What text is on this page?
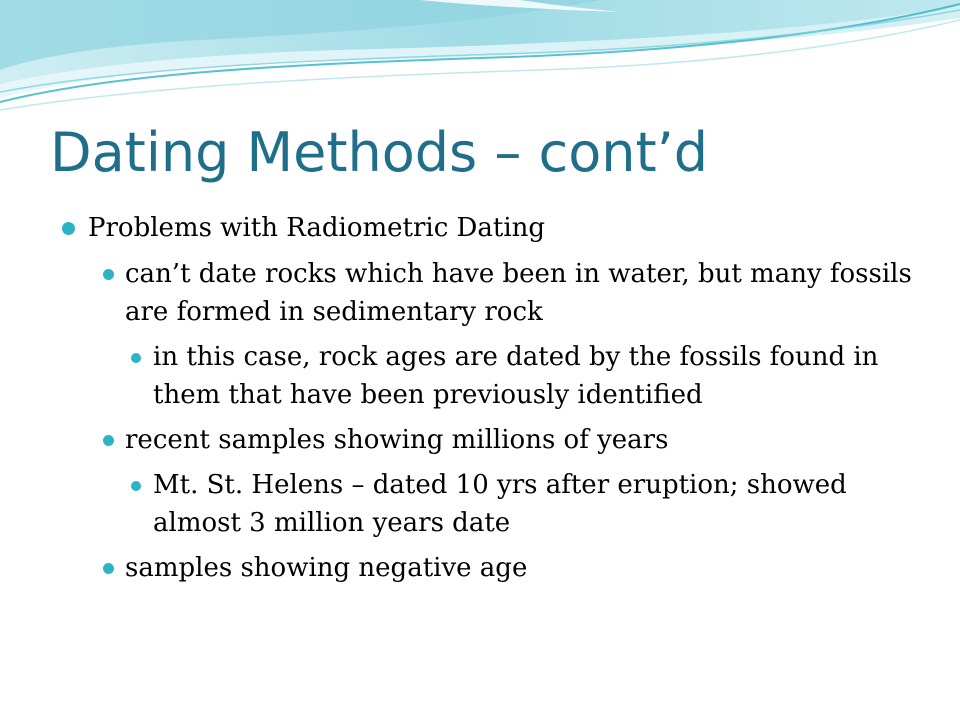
Dating Methods – cont’d
Problems with Radiometric Dating
can’t date rocks which have been in water, but many fossils are formed in sedimentary rock
in this case, rock ages are dated by the fossils found in them that have been previously identified
recent samples showing millions of years
Mt. St. Helens – dated 10 yrs after eruption; showed almost 3 million years date
samples showing negative age
